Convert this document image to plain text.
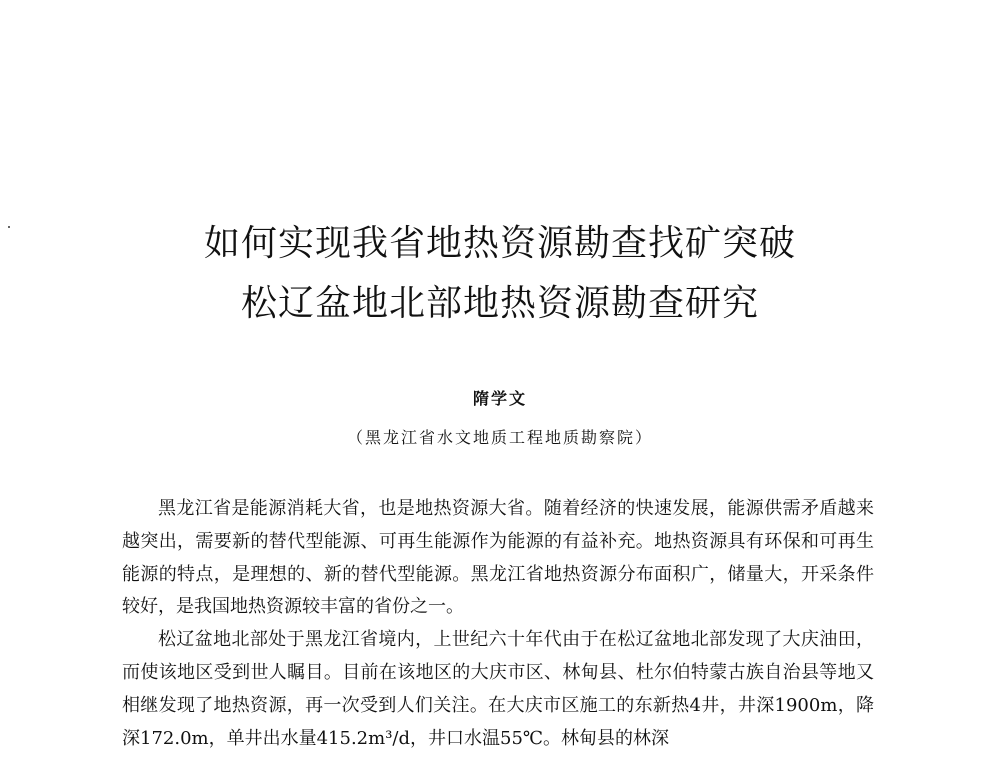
如何实现我省地热资源勘查找矿突破
松辽盆地北部地热资源勘查研究
隋学文
（黑龙江省水文地质工程地质勘察院）

黑龙江省是能源消耗大省，也是地热资源大省。随着经济的快速发展，能源供需矛盾越来越突出，需要新的替代型能源、可再生能源作为能源的有益补充。地热资源具有环保和可再生能源的特点，是理想的、新的替代型能源。黑龙江省地热资源分布面积广，储量大，开采条件较好，是我国地热资源较丰富的省份之一。

松辽盆地北部处于黑龙江省境内，上世纪六十年代由于在松辽盆地北部发现了大庆油田，而使该地区受到世人瞩目。目前在该地区的大庆市区、林甸县、杜尔伯特蒙古族自治县等地又相继发现了地热资源，再一次受到人们关注。在大庆市区施工的东新热4井，井深1900m，降深172.0m，单井出水量415.2m³/d，井口水温55℃。林甸县的林深
